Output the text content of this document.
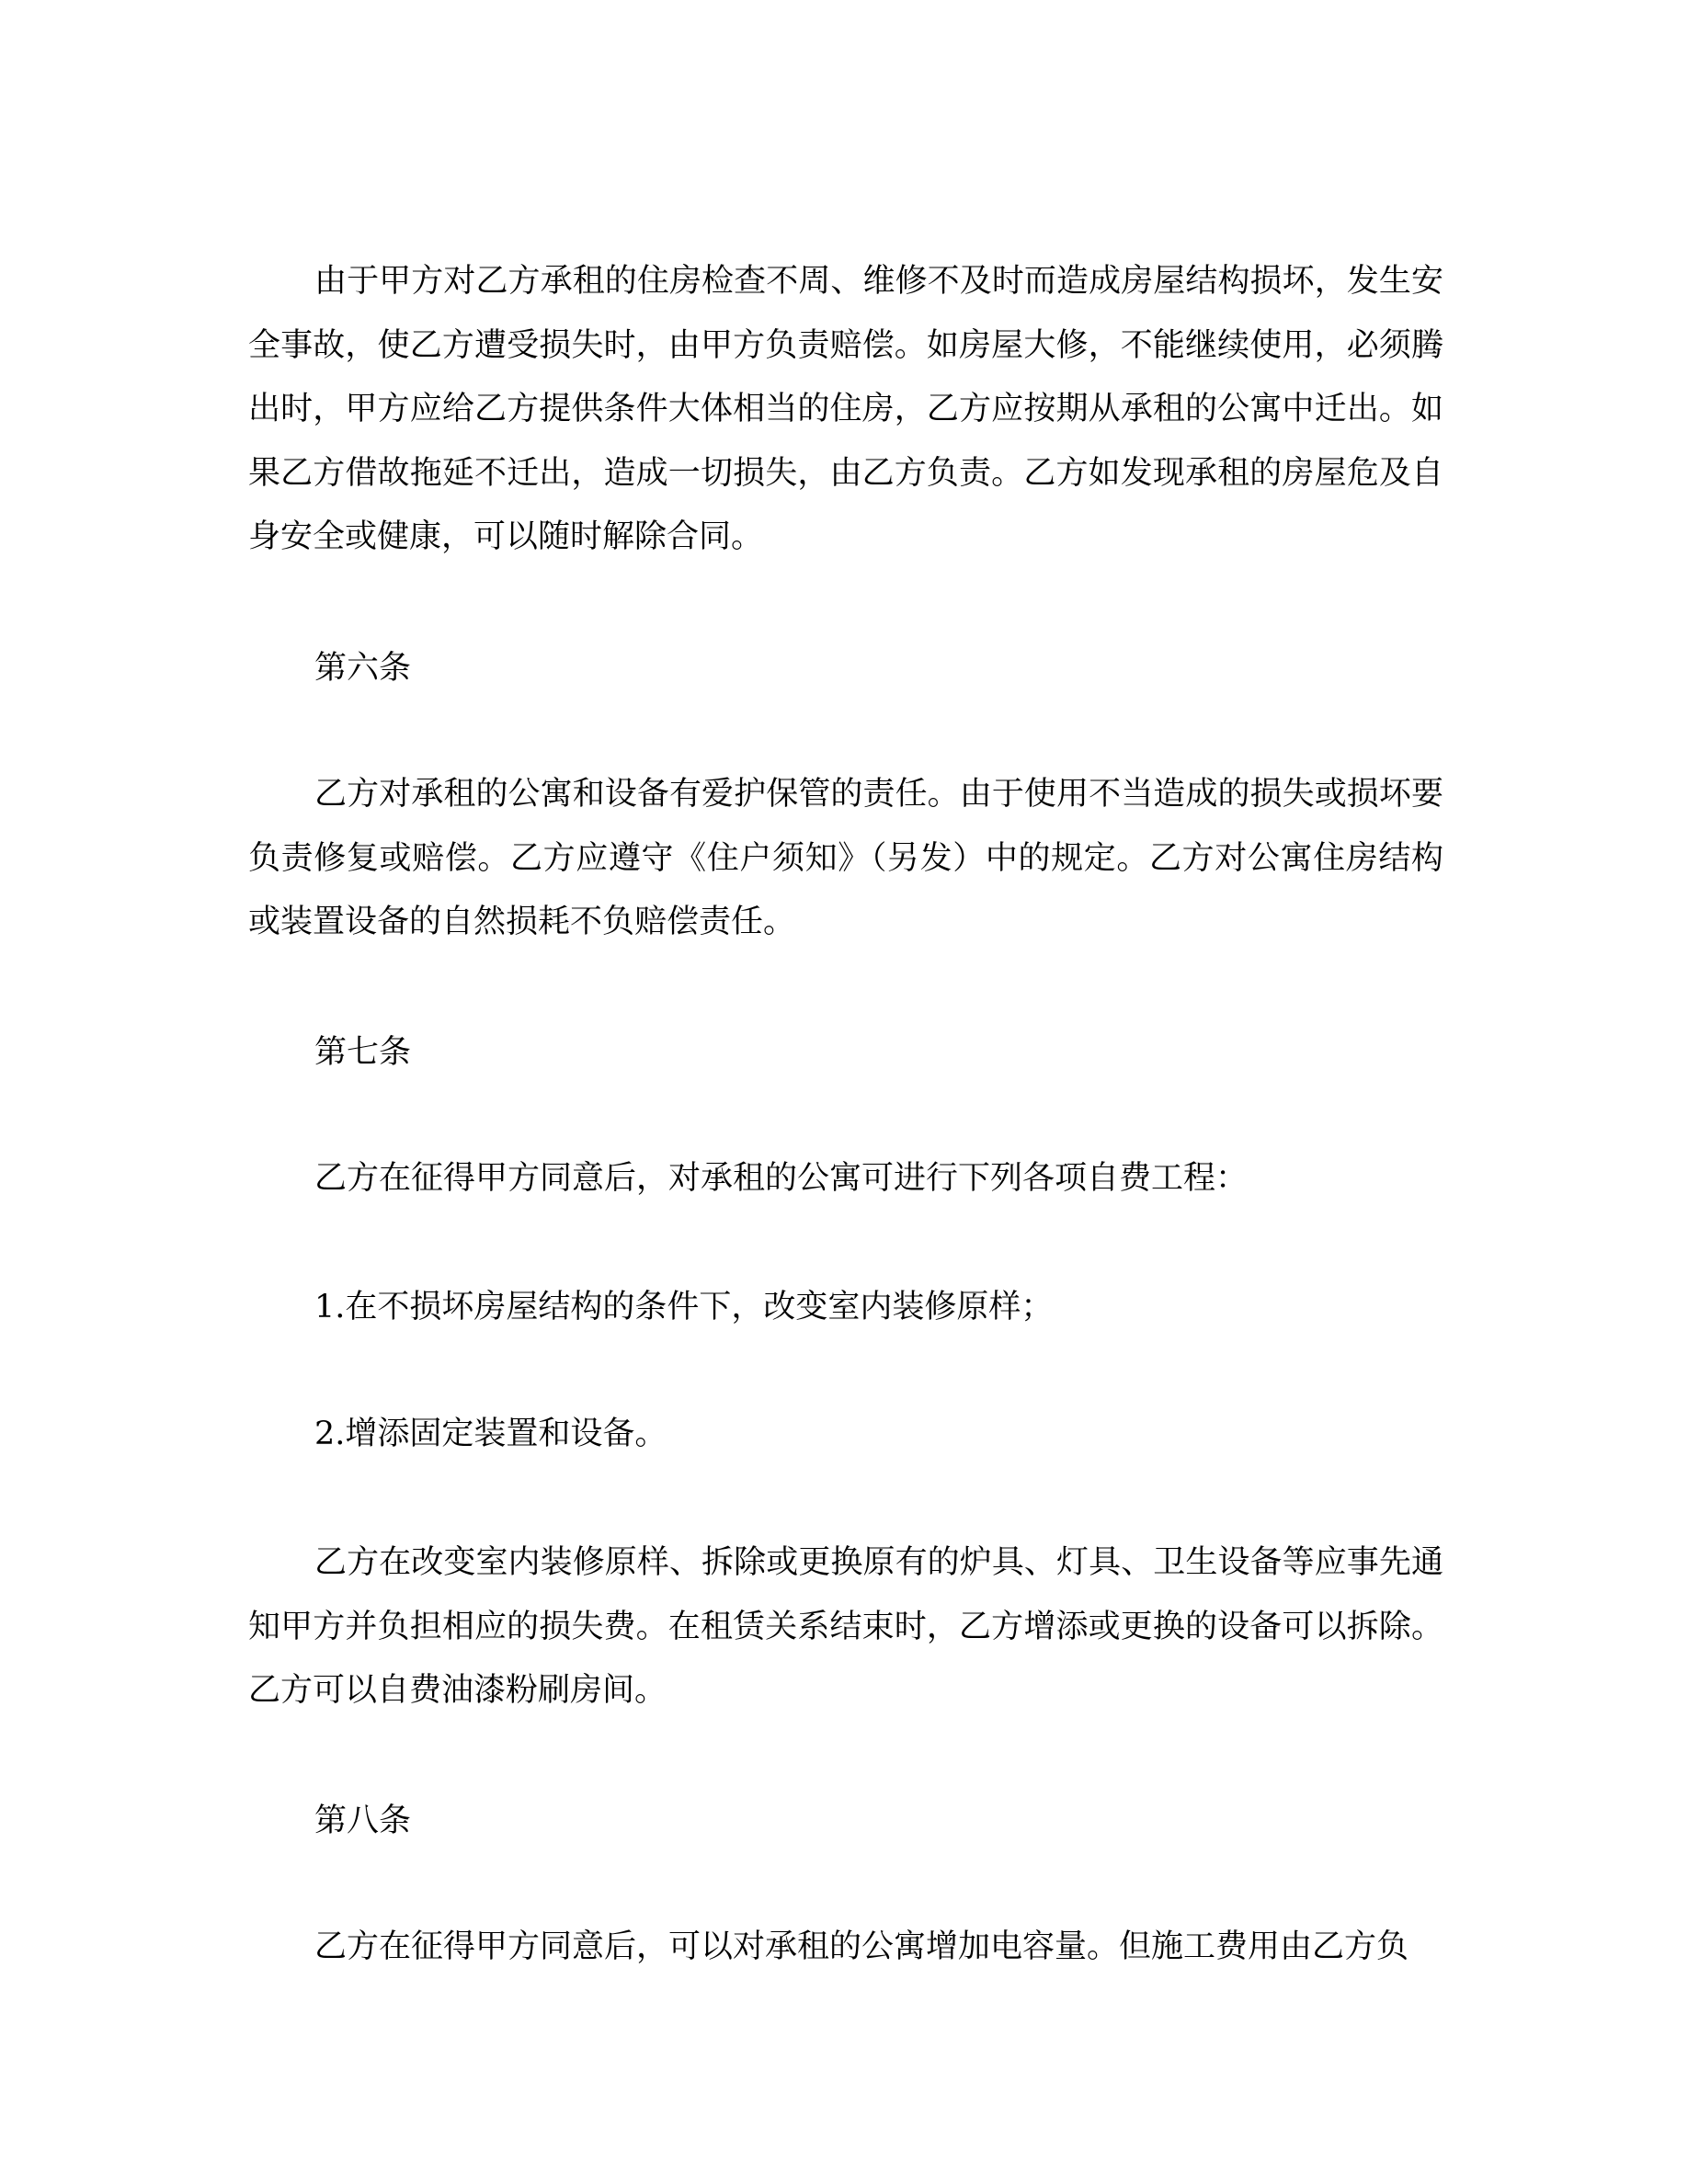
由于甲方对乙方承租的住房检查不周、维修不及时而造成房屋结构损坏，发生安全事故，使乙方遭受损失时，由甲方负责赔偿。如房屋大修，不能继续使用，必须腾出时，甲方应给乙方提供条件大体相当的住房，乙方应按期从承租的公寓中迁出。如果乙方借故拖延不迁出，造成一切损失，由乙方负责。乙方如发现承租的房屋危及自身安全或健康，可以随时解除合同。

第六条

乙方对承租的公寓和设备有爱护保管的责任。由于使用不当造成的损失或损坏要负责修复或赔偿。乙方应遵守《住户须知》（另发）中的规定。乙方对公寓住房结构或装置设备的自然损耗不负赔偿责任。

第七条

乙方在征得甲方同意后，对承租的公寓可进行下列各项自费工程：

1.在不损坏房屋结构的条件下，改变室内装修原样；

2.增添固定装置和设备。

乙方在改变室内装修原样、拆除或更换原有的炉具、灯具、卫生设备等应事先通知甲方并负担相应的损失费。在租赁关系结束时，乙方增添或更换的设备可以拆除。乙方可以自费油漆粉刷房间。

第八条

乙方在征得甲方同意后，可以对承租的公寓增加电容量。但施工费用由乙方负
